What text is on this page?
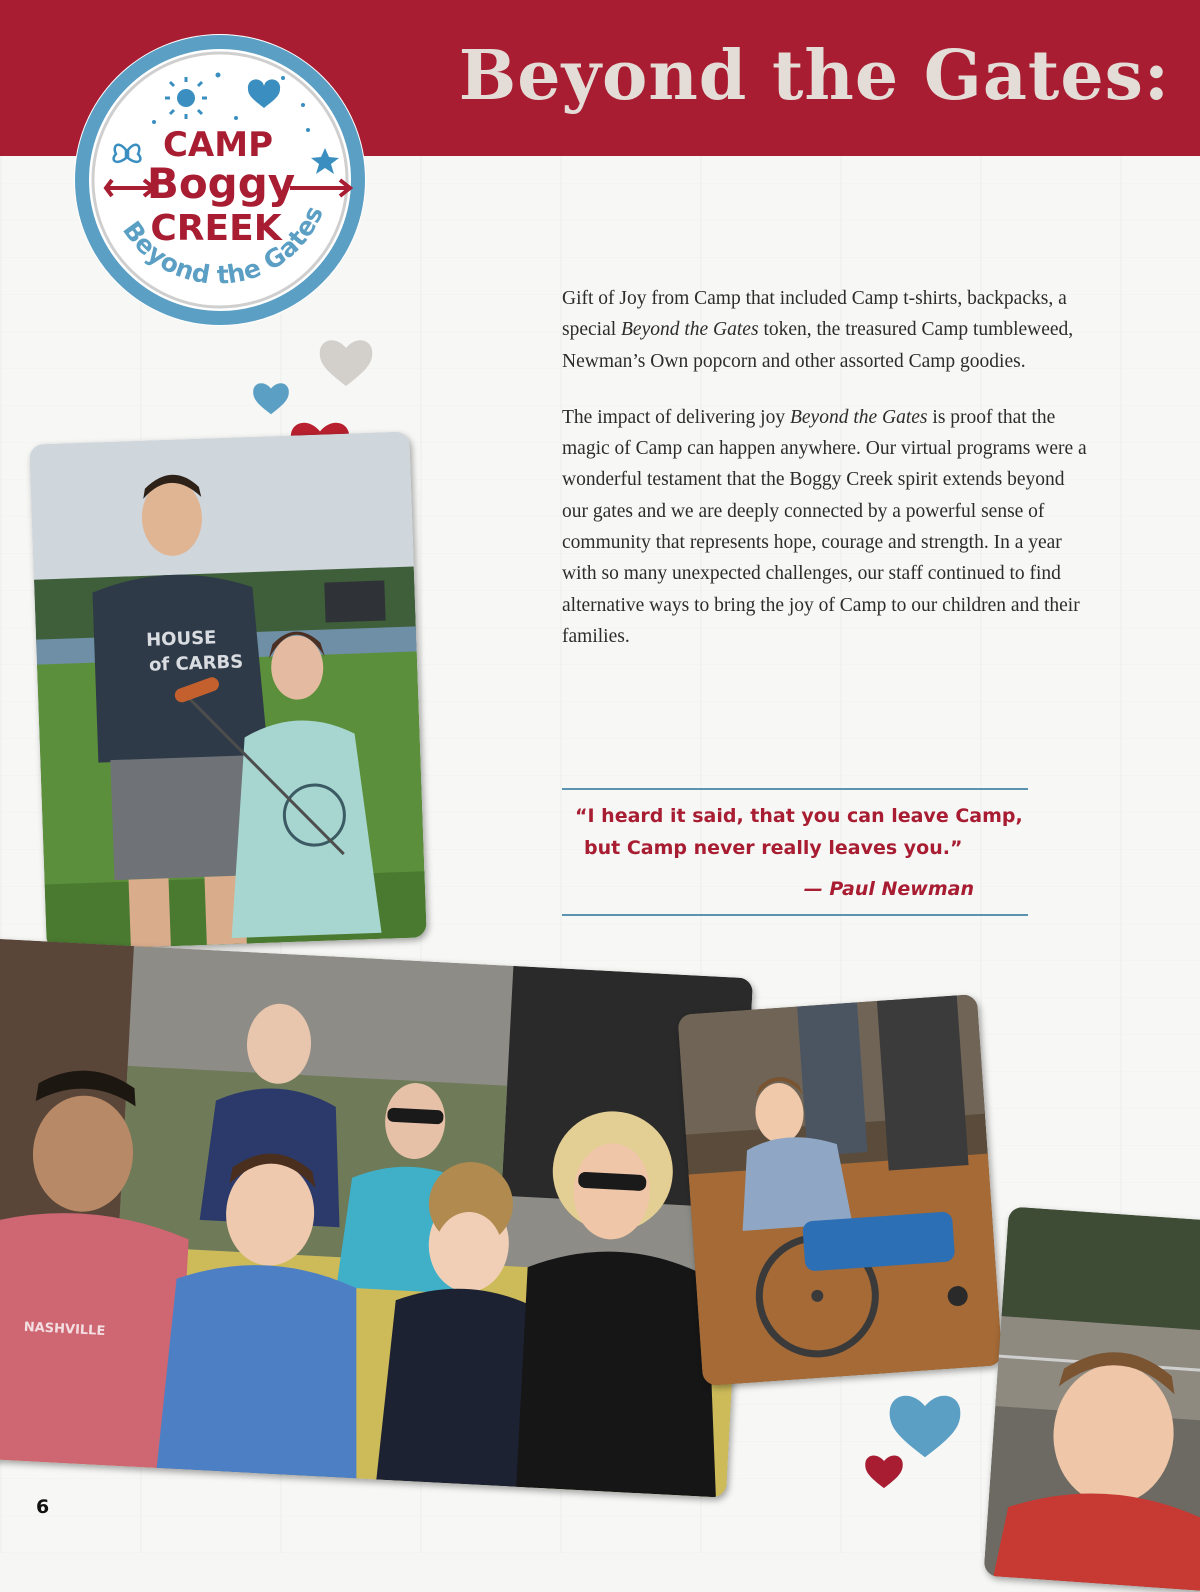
Beyond the Gates:
CAMP
Boggy
CREEK
Beyond the Gates

Gift of Joy from Camp that included Camp t-shirts, backpacks, a special Beyond the Gates token, the treasured Camp tumbleweed, Newman’s Own popcorn and other assorted Camp goodies.

The impact of delivering joy Beyond the Gates is proof that the magic of Camp can happen anywhere. Our virtual programs were a wonderful testament that the Boggy Creek spirit extends beyond our gates and we are deeply connected by a powerful sense of community that represents hope, courage and strength. In a year with so many unexpected challenges, our staff continued to find alternative ways to bring the joy of Camp to our children and their families.

“I heard it said, that you can leave Camp,

but Camp never really leaves you.”

— Paul Newman

HOUSE
of CARBS
NASHVILLE
6
